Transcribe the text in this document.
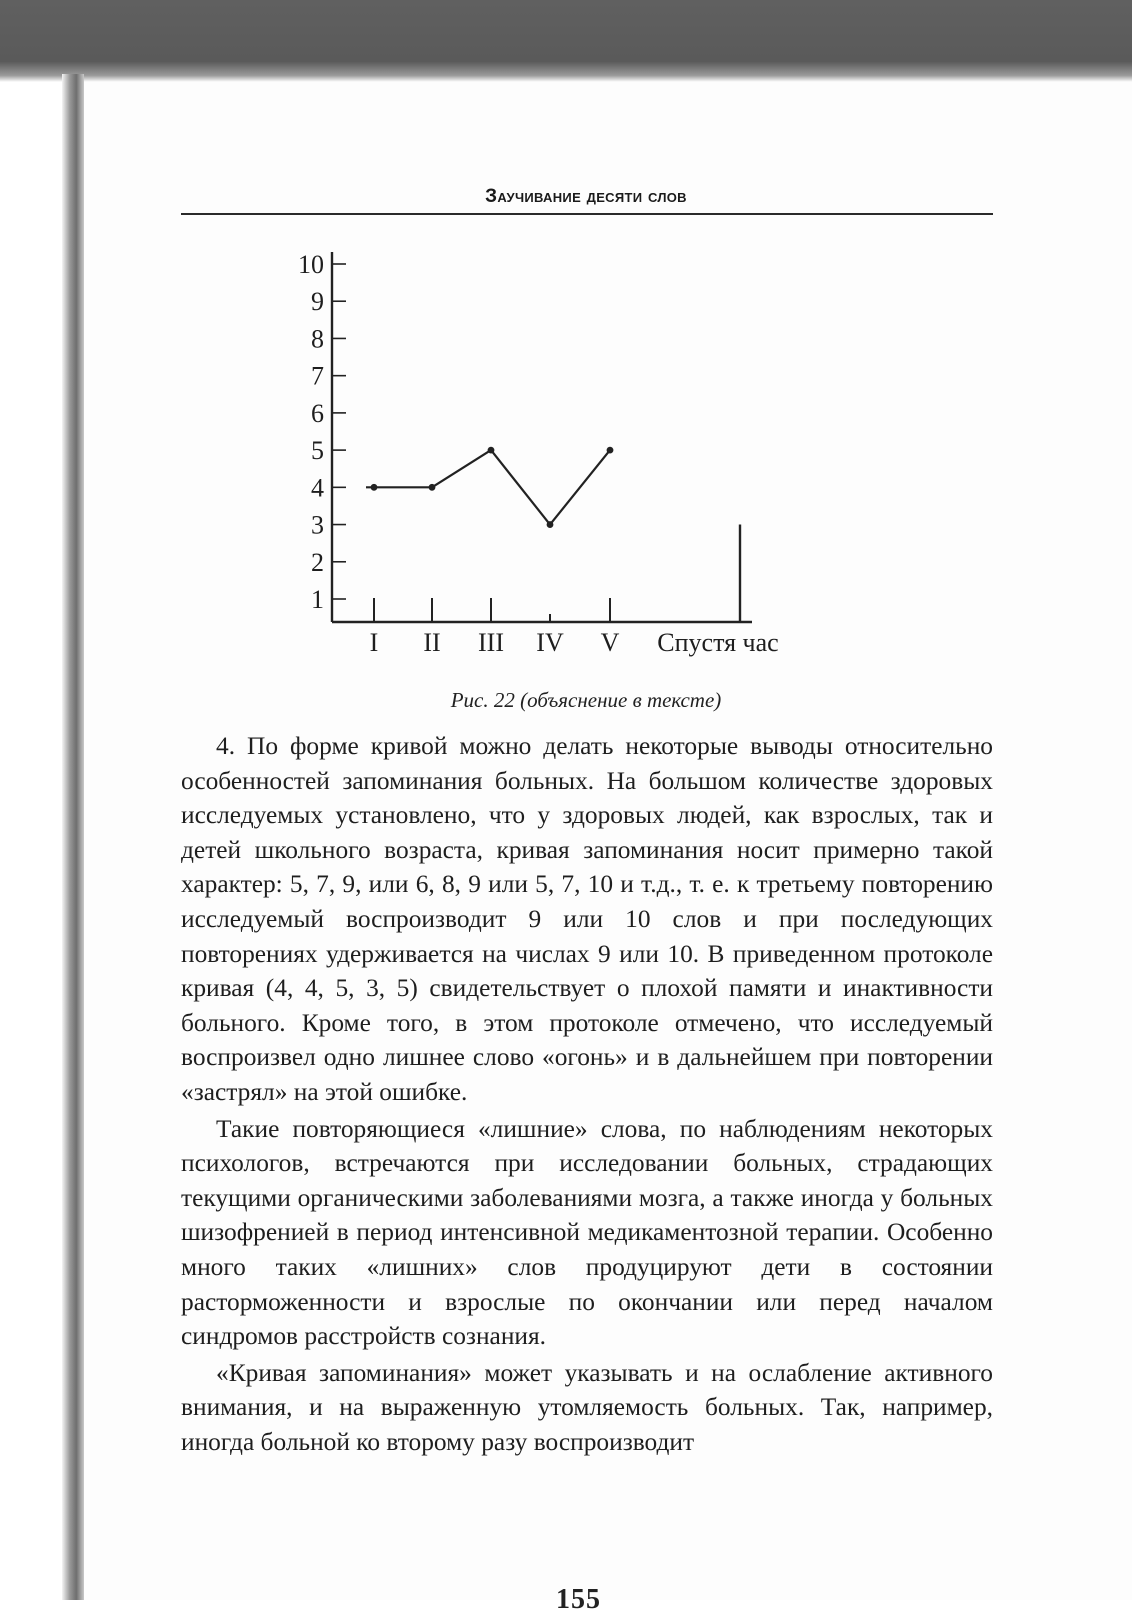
Заучивание десяти слов
1
2
3
4
5
6
7
8
9
10
I II III IV V Спустя час
Рис. 22 (объяснение в тексте)

4. По форме кривой можно делать некоторые выводы относительно особенностей запоминания больных. На большом количестве здоровых исследуемых установлено, что у здоровых людей, как взрослых, так и детей школьного возраста, кривая запоминания носит примерно такой характер: 5, 7, 9, или 6, 8, 9 или 5, 7, 10 и т.д., т. е. к третьему повторению исследуемый воспроизводит 9 или 10 слов и при последующих повторениях удерживается на числах 9 или 10. В приведенном протоколе кривая (4, 4, 5, 3, 5) свидетельствует о плохой памяти и инактивности больного. Кроме того, в этом протоколе отмечено, что исследуемый воспроизвел одно лишнее слово «огонь» и в дальнейшем при повторении «застрял» на этой ошибке.

Такие повторяющиеся «лишние» слова, по наблюдениям некоторых психологов, встречаются при исследовании больных, страдающих текущими органическими заболеваниями мозга, а также иногда у больных шизофренией в период интенсивной медикаментозной терапии. Особенно много таких «лишних» слов продуцируют дети в состоянии расторможенности и взрослые по окончании или перед началом синдромов расстройств сознания.

«Кривая запоминания» может указывать и на ослабление активного внимания, и на выраженную утомляемость больных. Так, например, иногда больной ко второму разу воспроизводит

155
